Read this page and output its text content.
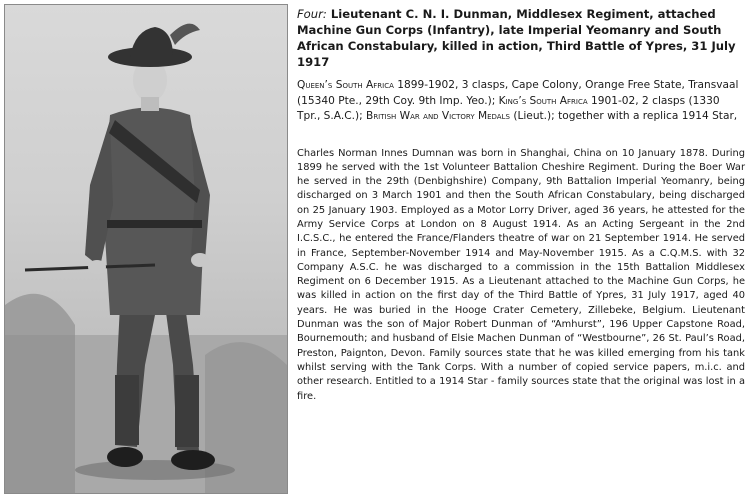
Four: Lieutenant C. N. I. Dunman, Middlesex Regiment, attached Machine Gun Corps (Infantry), late Imperial Yeomanry and South African Constabulary, killed in action, Third Battle of Ypres, 31 July 1917

Queen’s South Africa 1899-1902, 3 clasps, Cape Colony, Orange Free State, Transvaal (15340 Pte., 29th Coy. 9th Imp. Yeo.); King’s South Africa 1901-02, 2 clasps (1330 Tpr., S.A.C.); British War and Victory Medals (Lieut.); together with a replica 1914 Star,

Charles Norman Innes Dumnan was born in Shanghai, China on 10 January 1878. During 1899 he served with the 1st Volunteer Battalion Cheshire Regiment. During the Boer War he served in the 29th (Denbighshire) Company, 9th Battalion Imperial Yeomanry, being discharged on 3 March 1901 and then the South African Constabulary, being discharged on 25 January 1903. Employed as a Motor Lorry Driver, aged 36 years, he attested for the Army Service Corps at London on 8 August 1914. As an Acting Sergeant in the 2nd I.C.S.C., he entered the France/Flanders theatre of war on 21 September 1914. He served in France, September-November 1914 and May-November 1915. As a C.Q.M.S. with 32 Company A.S.C. he was discharged to a commission in the 15th Battalion Middlesex Regiment on 6 December 1915. As a Lieutenant attached to the Machine Gun Corps, he was killed in action on the first day of the Third Battle of Ypres, 31 July 1917, aged 40 years. He was buried in the Hooge Crater Cemetery, Zillebeke, Belgium. Lieutenant Dunman was the son of Major Robert Dunman of “Amhurst”, 196 Upper Capstone Road, Bournemouth; and husband of Elsie Machen Dunman of “Westbourne”, 26 St. Paul’s Road, Preston, Paignton, Devon. Family sources state that he was killed emerging from his tank whilst serving with the Tank Corps. With a number of copied service papers, m.i.c. and other research. Entitled to a 1914 Star - family sources state that the original was lost in a fire.
